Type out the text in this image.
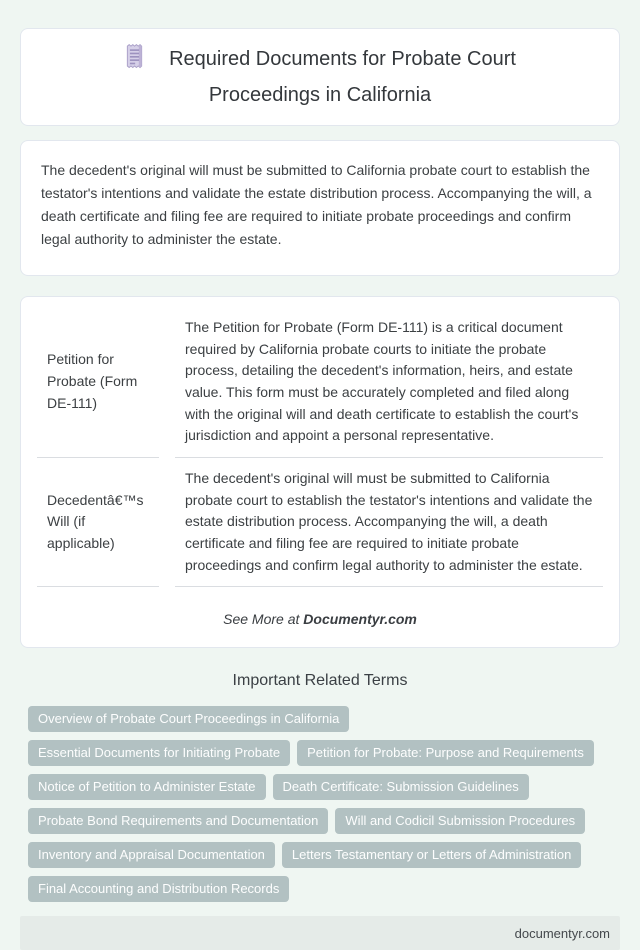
Required Documents for Probate Court Proceedings in California

The decedent's original will must be submitted to California probate court to establish the testator's intentions and validate the estate distribution process. Accompanying the will, a death certificate and filing fee are required to initiate probate proceedings and confirm legal authority to administer the estate.

Petition for Probate (Form DE-111)	The Petition for Probate (Form DE-111) is a critical document required by California probate courts to initiate the probate process, detailing the decedent's information, heirs, and estate value. This form must be accurately completed and filed along with the original will and death certificate to establish the court's jurisdiction and appoint a personal representative.
Decedentâ€™s Will (if applicable)	The decedent's original will must be submitted to California probate court to establish the testator's intentions and validate the estate distribution process. Accompanying the will, a death certificate and filing fee are required to initiate probate proceedings and confirm legal authority to administer the estate.
See More at Documentyr.com
Important Related Terms
Overview of Probate Court Proceedings in California
Essential Documents for Initiating Probate	Petition for Probate: Purpose and Requirements
Notice of Petition to Administer Estate	Death Certificate: Submission Guidelines
Probate Bond Requirements and Documentation	Will and Codicil Submission Procedures
Inventory and Appraisal Documentation	Letters Testamentary or Letters of Administration
Final Accounting and Distribution Records
documentyr.com
